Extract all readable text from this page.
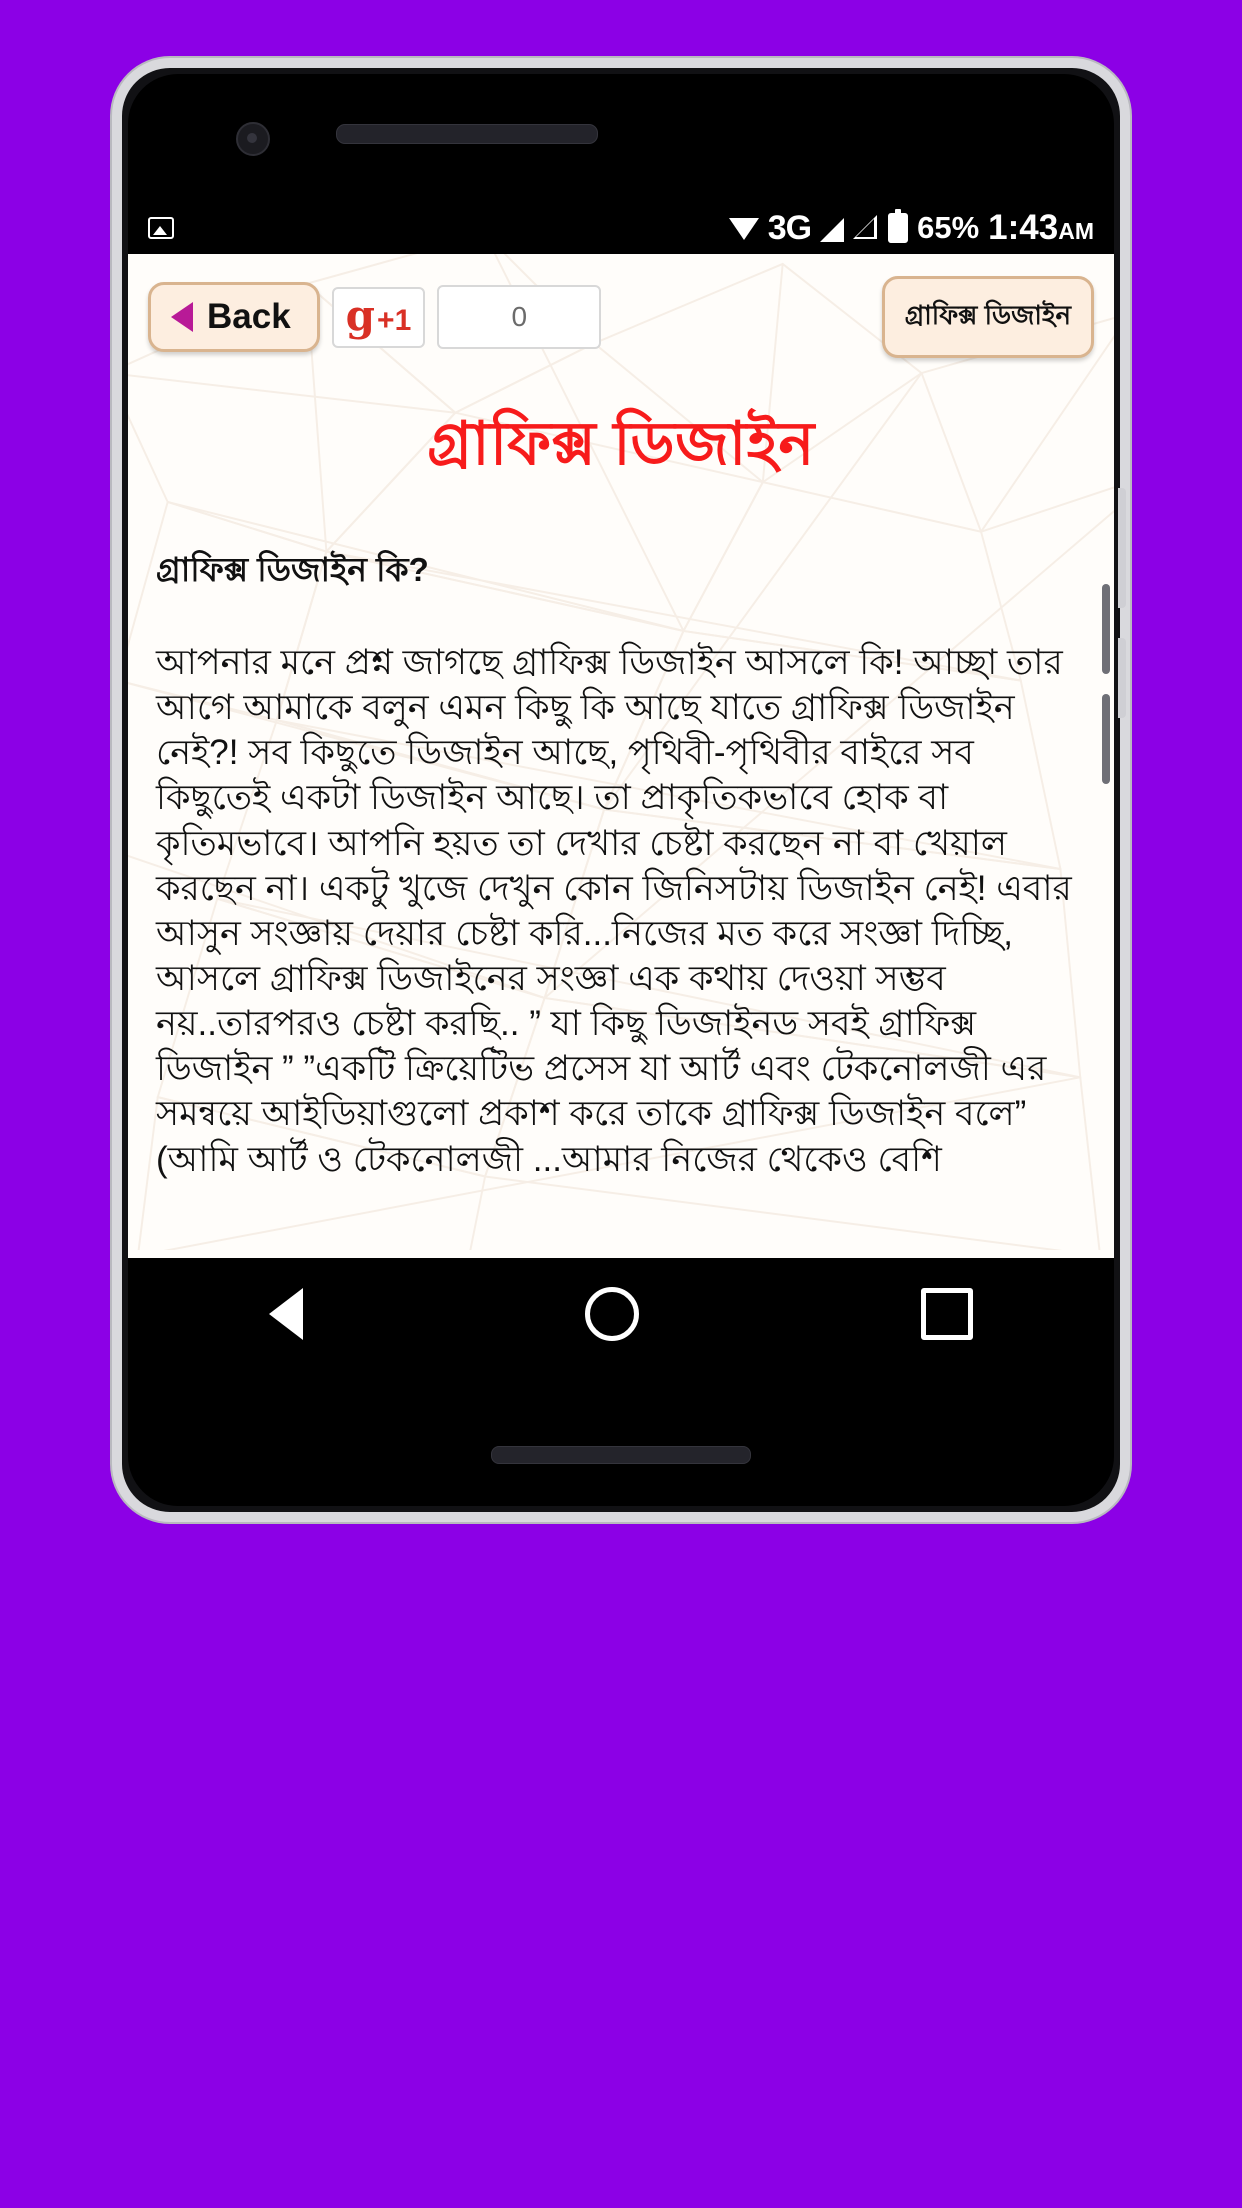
3G	65% 1:43AM
Back g +1	0	গ্রাফিক্স ডিজাইন
গ্রাফিক্স ডিজাইন
গ্রাফিক্স ডিজাইন কি?

আপনার মনে প্রশ্ন জাগছে গ্রাফিক্স ডিজাইন আসলে কি! আচ্ছা তার আগে আমাকে বলুন এমন কিছু কি আছে যাতে গ্রাফিক্স ডিজাইন নেই?! সব কিছুতে ডিজাইন আছে, পৃথিবী-পৃথিবীর বাইরে সব কিছুতেই একটা ডিজাইন আছে। তা প্রাকৃতিকভাবে হোক বা কৃতিমভাবে। আপনি হয়ত তা দেখার চেষ্টা করছেন না বা খেয়াল করছেন না। একটু খুজে দেখুন কোন জিনিসটায় ডিজাইন নেই! এবার আসুন সংজ্ঞায় দেয়ার চেষ্টা করি...নিজের মত করে সংজ্ঞা দিচ্ছি, আসলে গ্রাফিক্স ডিজাইনের সংজ্ঞা এক কথায় দেওয়া সম্ভব নয়..তারপরও চেষ্টা করছি.. ” যা কিছু ডিজাইনড সবই গ্রাফিক্স ডিজাইন ” ”একটি ক্রিয়েটিভ প্রসেস যা আর্ট এবং টেকনোলজী এর সমন্বয়ে আইডিয়াগুলো প্রকাশ করে তাকে গ্রাফিক্স ডিজাইন বলে” (আমি আর্ট ও টেকনোলজী ...আমার নিজের থেকেও বেশি
